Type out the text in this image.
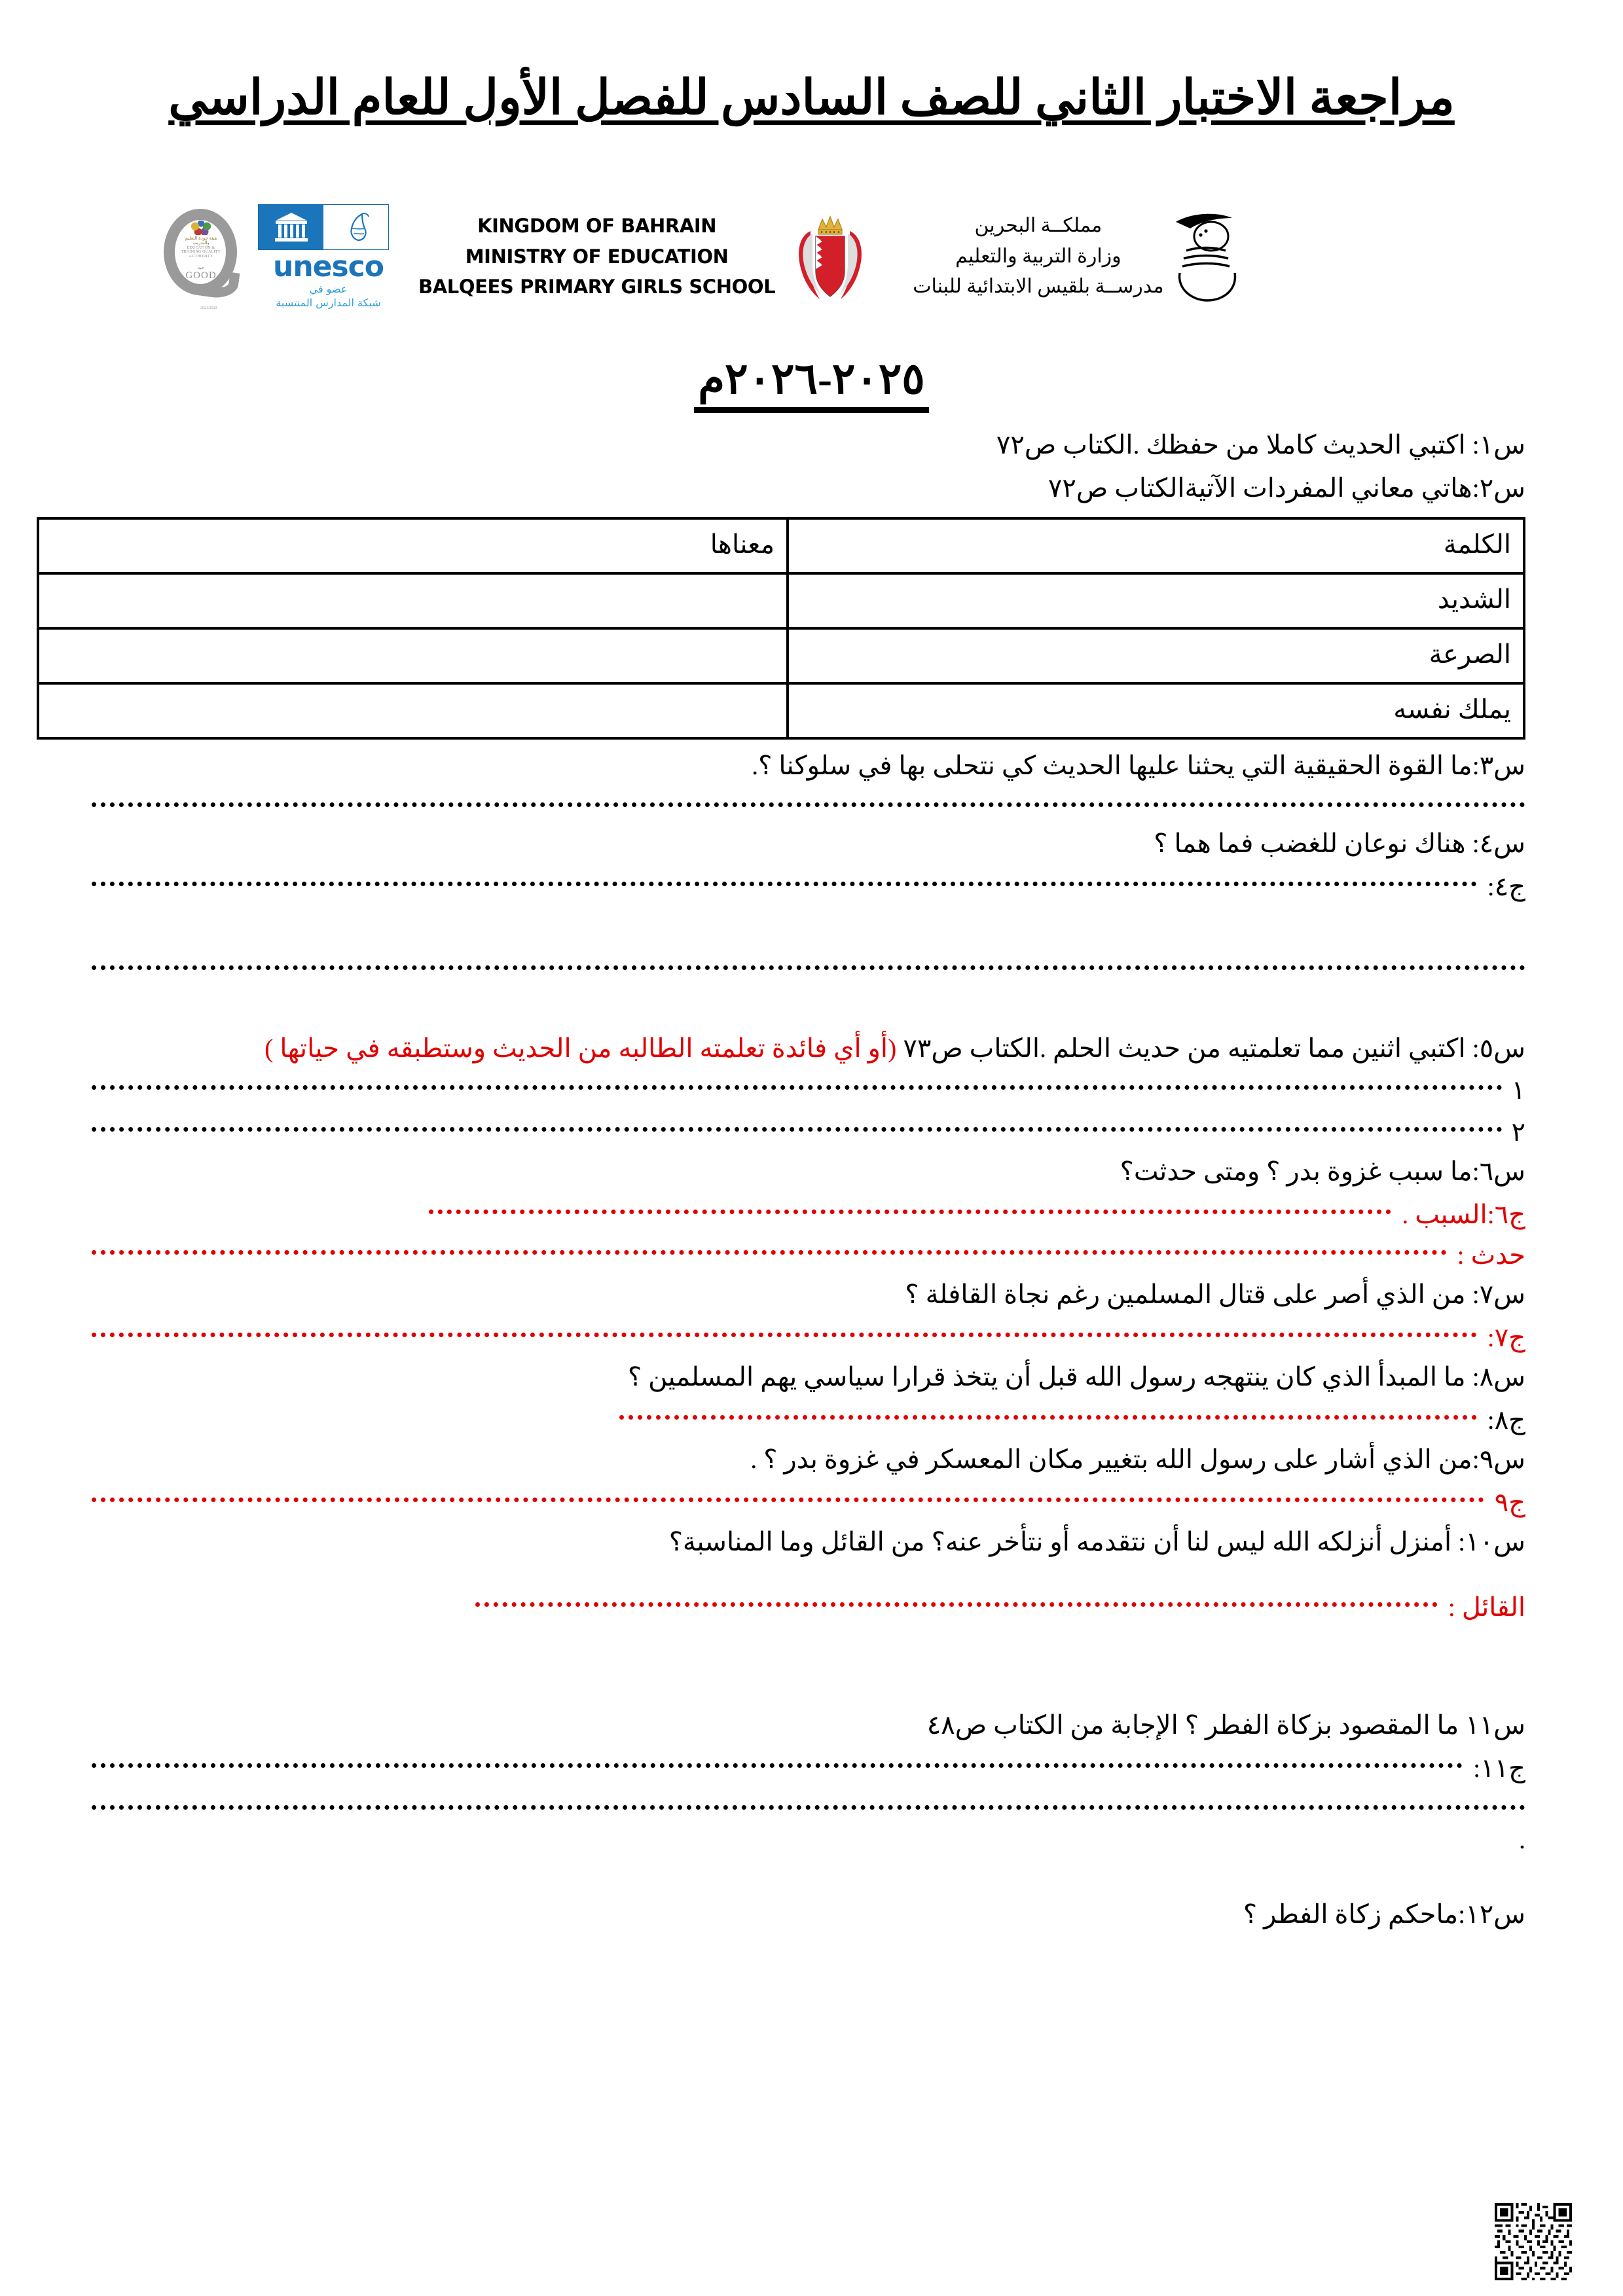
مراجعة الاختبار الثاني للصف السادس للفصل الأول للعام الدراسي
هيئة جودة التعليم والتدريب
EDUCATION & TRAINING QUALITY AUTHORITY
جيد
GOOD
2021/2022
unesco
عضو في
شبكة المدارس المنتسبة
KINGDOM OF BAHRAIN
MINISTRY OF EDUCATION
BALQEES PRIMARY GIRLS SCHOOL
مملكــة البحرين
وزارة التربية والتعليم
مدرســة بلقيس الابتدائية للبنات
٢٠٢٥-٢٠٢٦م
س١: اكتبي الحديث كاملا من حفظك .الكتاب ص٧٢
س٢:هاتي معاني المفردات الآتيةالكتاب ص٧٢
الكلمة	معناها
الشديد	
الصرعة	
يملك نفسه	
س٣:ما القوة الحقيقية التي يحثنا عليها الحديث كي نتحلى بها في سلوكنا ؟.
س٤: هناك نوعان للغضب فما هما ؟
ج٤:
س٥: اكتبي اثنين مما تعلمتيه من حديث الحلم .الكتاب ص٧٣ (أو أي فائدة تعلمته الطالبه من الحديث وستطبقه في حياتها )
١
٢
س٦:ما سبب غزوة بدر ؟ ومتى حدثت؟
ج٦:السبب .
حدث :
س٧: من الذي أصر على قتال المسلمين رغم نجاة القافلة ؟
ج٧:
س٨: ما المبدأ الذي كان ينتهجه رسول الله قبل أن يتخذ قرارا سياسي يهم المسلمين ؟
ج٨:
س٩:من الذي أشار على رسول الله بتغيير مكان المعسكر في غزوة بدر ؟ .
ج٩
س١٠: أمنزل أنزلكه الله ليس لنا أن نتقدمه أو نتأخر عنه؟ من القائل وما المناسبة؟
القائل :
س١١ ما المقصود بزكاة الفطر ؟ الإجابة من الكتاب ص٤٨
ج١١:
.
س١٢:ماحكم زكاة الفطر ؟
